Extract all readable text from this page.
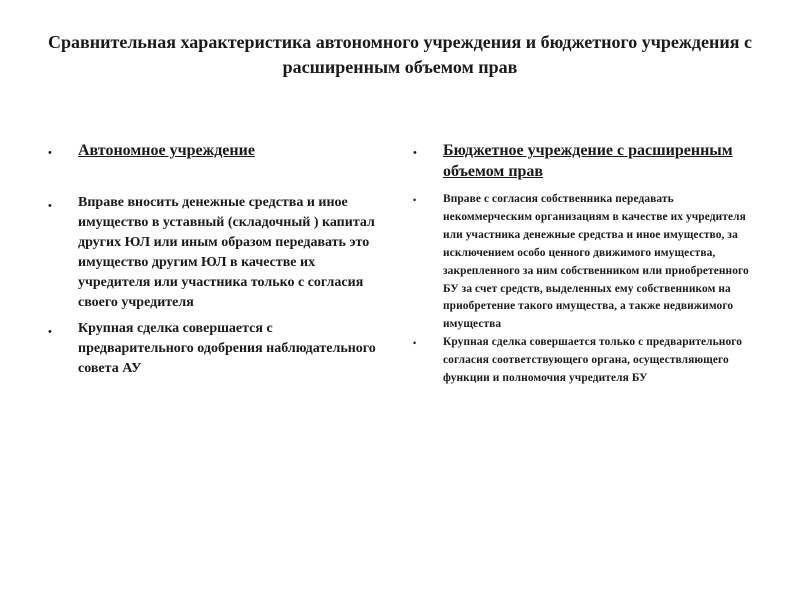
Сравнительная характеристика автономного учреждения и бюджетного учреждения с расширенным объемом прав
•	Автономное учреждение
•	Вправе вносить денежные средства и иное имущество в уставный (складочный ) капитал других ЮЛ или иным образом передавать это имущество другим ЮЛ в качестве их учредителя или участника только с согласия своего учредителя
•	Крупная сделка совершается с предварительного одобрения наблюдательного совета АУ
•	Бюджетное учреждение с расширенным объемом прав
•	Вправе с согласия собственника передавать некоммерческим организациям в качестве их учредителя или участника денежные средства и иное имущество, за исключением особо ценного движимого имущества, закрепленного за ним собственником или приобретенного БУ за счет средств, выделенных ему собственником на приобретение такого имущества, а также недвижимого имущества
•	Крупная сделка совершается только с предварительного согласия соответствующего органа, осуществляющего функции и полномочия учредителя БУ
